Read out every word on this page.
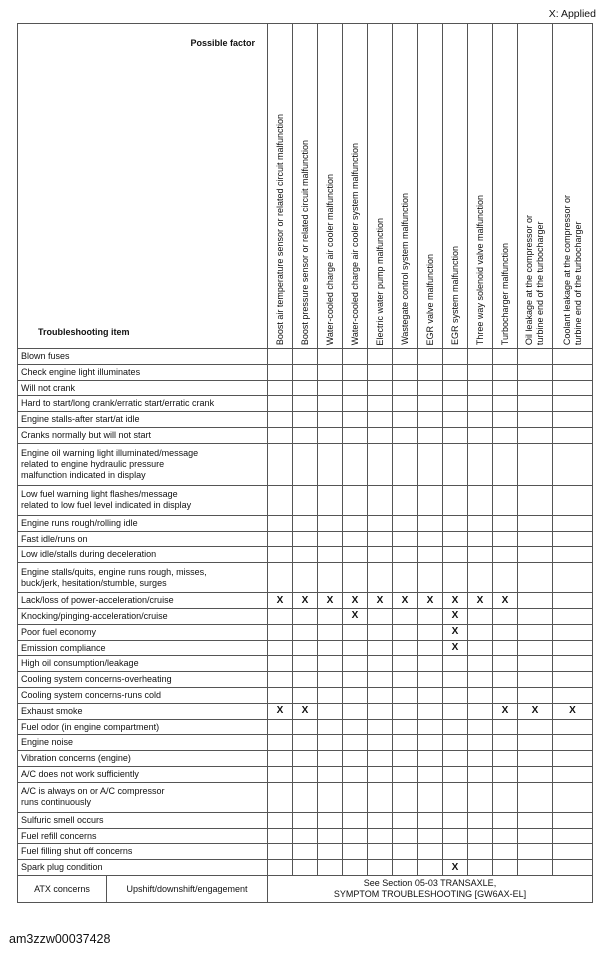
X: Applied
Possible factor
Troubleshooting item		Boost air temperature sensor or related circuit malfunction	Boost pressure sensor or related circuit malfunction	Water-cooled charge air cooler malfunction	Water-cooled charge air cooler system malfunction	Electric water pump malfunction	Wastegate control system malfunction	EGR valve malfunction	EGR system malfunction	Three way solenoid valve malfunction	Turbocharger malfunction	Oil leakage at the compressor or
turbine end of the turbocharger	Coolant leakage at the compressor or
turbine end of the turbocharger
Blown fuses													
Check engine light illuminates													
Will not crank													
Hard to start/long crank/erratic start/erratic crank													
Engine stalls-after start/at idle													
Cranks normally but will not start													
Engine oil warning light illuminated/message
related to engine hydraulic pressure
malfunction indicated in display													
Low fuel warning light flashes/message
related to low fuel level indicated in display													
Engine runs rough/rolling idle													
Fast idle/runs on													
Low idle/stalls during deceleration													
Engine stalls/quits, engine runs rough, misses,
buck/jerk, hesitation/stumble, surges													
Lack/loss of power-acceleration/cruise		X	X	X	X	X	X	X	X	X	X		
Knocking/pinging-acceleration/cruise					X				X				
Poor fuel economy									X				
Emission compliance									X				
High oil consumption/leakage													
Cooling system concerns-overheating													
Cooling system concerns-runs cold													
Exhaust smoke		X	X								X	X	X
Fuel odor (in engine compartment)													
Engine noise													
Vibration concerns (engine)													
A/C does not work sufficiently													
A/C is always on or A/C compressor
runs continuously													
Sulfuric smell occurs													
Fuel refill concerns													
Fuel filling shut off concerns													
Spark plug condition									X				
ATX concerns	Upshift/downshift/engagement	See Section 05-03 TRANSAXLE,
SYMPTOM TROUBLESHOOTING [GW6AX-EL]											
am3zzw00037428
